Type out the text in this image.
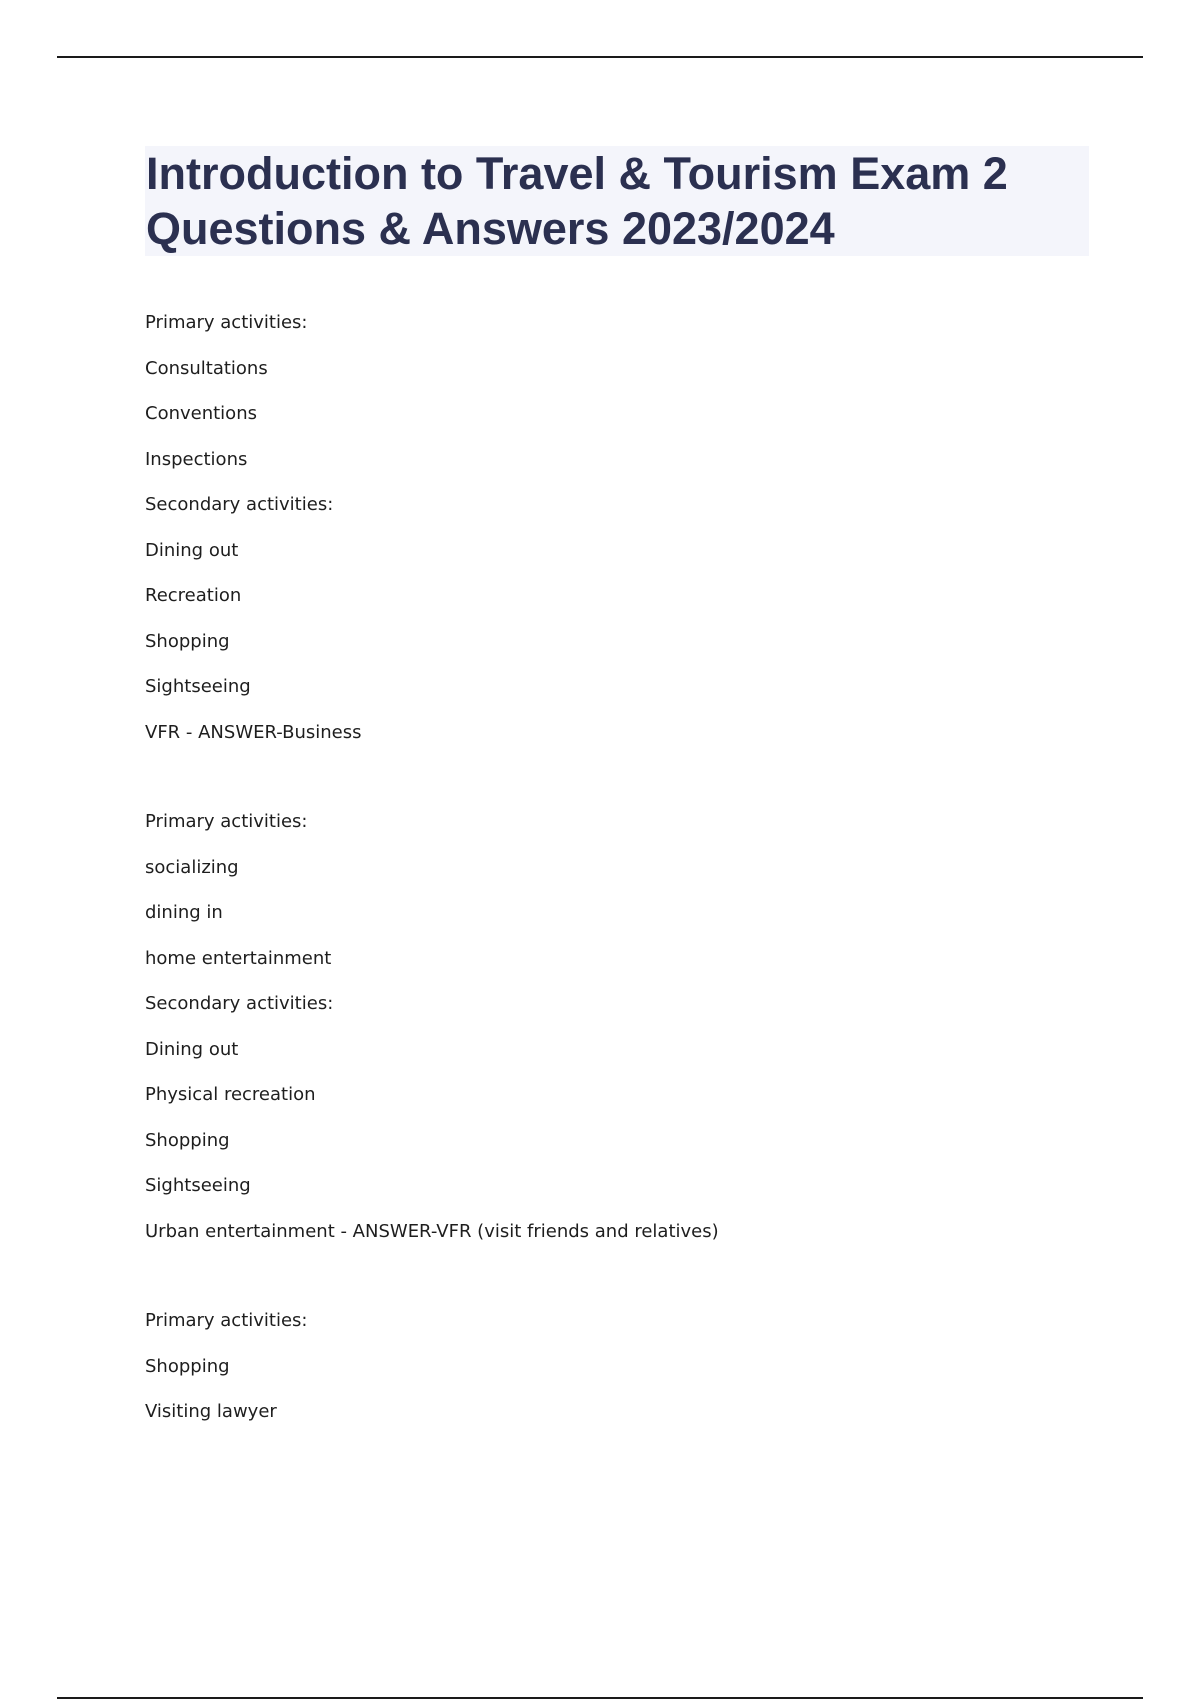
Introduction to Travel & Tourism Exam 2 Questions & Answers 2023/2024
Primary activities:
Consultations
Conventions
Inspections
Secondary activities:
Dining out
Recreation
Shopping
Sightseeing
VFR - ANSWER-Business
Primary activities:
socializing
dining in
home entertainment
Secondary activities:
Dining out
Physical recreation
Shopping
Sightseeing
Urban entertainment - ANSWER-VFR (visit friends and relatives)
Primary activities:
Shopping
Visiting lawyer
